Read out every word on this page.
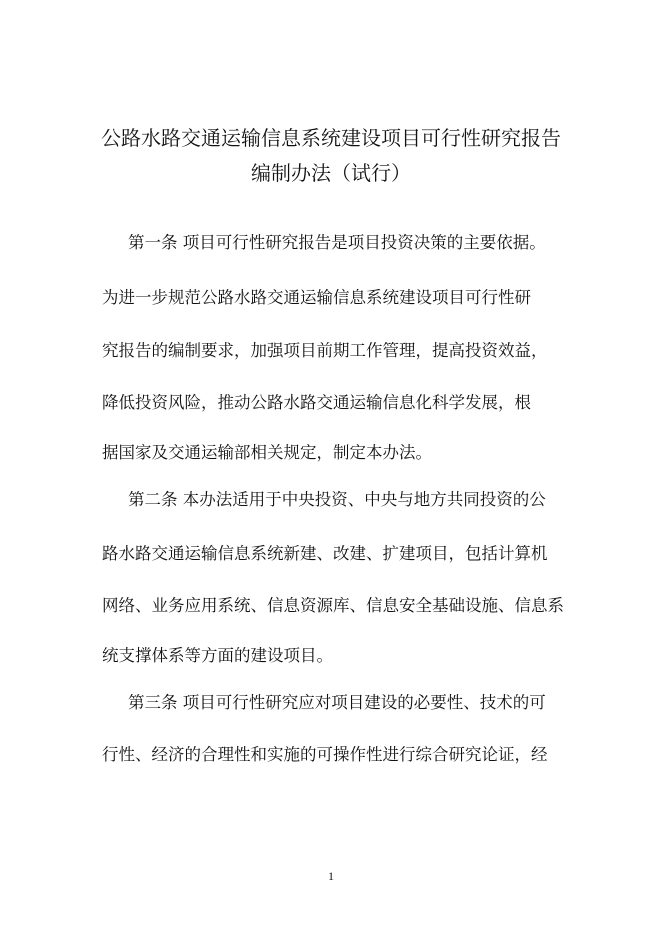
公路水路交通运输信息系统建设项目可行性研究报告
编制办法（试行）
第一条 项目可行性研究报告是项目投资决策的主要依据。
为进一步规范公路水路交通运输信息系统建设项目可行性研
究报告的编制要求，加强项目前期工作管理，提高投资效益，
降低投资风险，推动公路水路交通运输信息化科学发展，根
据国家及交通运输部相关规定，制定本办法。
第二条 本办法适用于中央投资、中央与地方共同投资的公
路水路交通运输信息系统新建、改建、扩建项目，包括计算机
网络、业务应用系统、信息资源库、信息安全基础设施、信息系
统支撑体系等方面的建设项目。
第三条 项目可行性研究应对项目建设的必要性、技术的可
行性、经济的合理性和实施的可操作性进行综合研究论证，经
1
